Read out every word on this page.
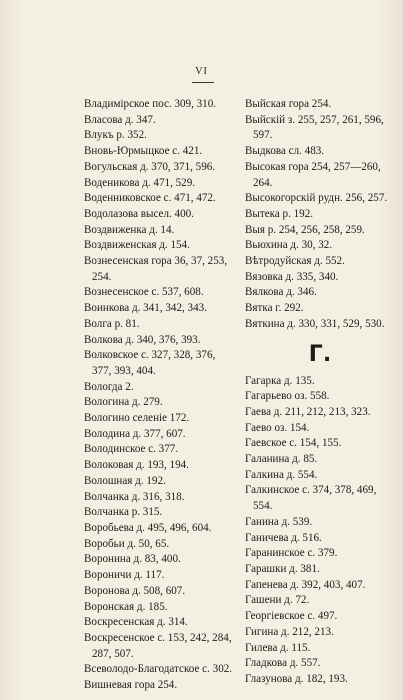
VI
Владимірское пос. 309, 310.
Власова д. 347.
Влукъ р. 352.
Вновь-Юрмыцкое с. 421.
Вогульская д. 370, 371, 596.
Воденикова д. 471, 529.
Воденниковское с. 471, 472.
Водолазова высел. 400.
Воздвиженка д. 14.
Воздвиженская д. 154.
Вознесенская гора 36, 37, 253, 254.
Вознесенское с. 537, 608.
Воинкова д. 341, 342, 343.
Волга р. 81.
Волкова д. 340, 376, 393.
Волковское с. 327, 328, 376, 377, 393, 404.
Вологда 2.
Вологина д. 279.
Вологино селеніе 172.
Володина д. 377, 607.
Володинское с. 377.
Волоковая д. 193, 194.
Волошная д. 192.
Волчанка д. 316, 318.
Волчанка р. 315.
Воробьева д. 495, 496, 604.
Воробьи д. 50, 65.
Воронина д. 83, 400.
Вороничи д. 117.
Воронова д. 508, 607.
Воронская д. 185.
Воскресенская д. 314.
Воскресенское с. 153, 242, 284, 287, 507.
Всеволодо-Благодатское с. 302.
Вишневая гора 254.
Выйская гора 254.
Выйскій з. 255, 257, 261, 596, 597.
Выдкова сл. 483.
Высокая гора 254, 257—260, 264.
Высокогорскій рудн. 256, 257.
Вытека р. 192.
Выя р. 254, 256, 258, 259.
Вьюхина д. 30, 32.
Вѣтродуйская д. 552.
Вязовка д. 335, 340.
Вялкова д. 346.
Вятка г. 292.
Вяткина д. 330, 331, 529, 530.
Г.
Гагарка д. 135.
Гагарьево оз. 558.
Гаева д. 211, 212, 213, 323.
Гаево оз. 154.
Гаевское с. 154, 155.
Галанина д. 85.
Галкина д. 554.
Галкинское с. 374, 378, 469, 554.
Ганина д. 539.
Ганичева д. 516.
Гаранинское с. 379.
Гарашки д. 381.
Гапенева д. 392, 403, 407.
Гашени д. 72.
Георгіевское с. 497.
Гигина д. 212, 213.
Гилева д. 115.
Гладкова д. 557.
Глазунова д. 182, 193.
